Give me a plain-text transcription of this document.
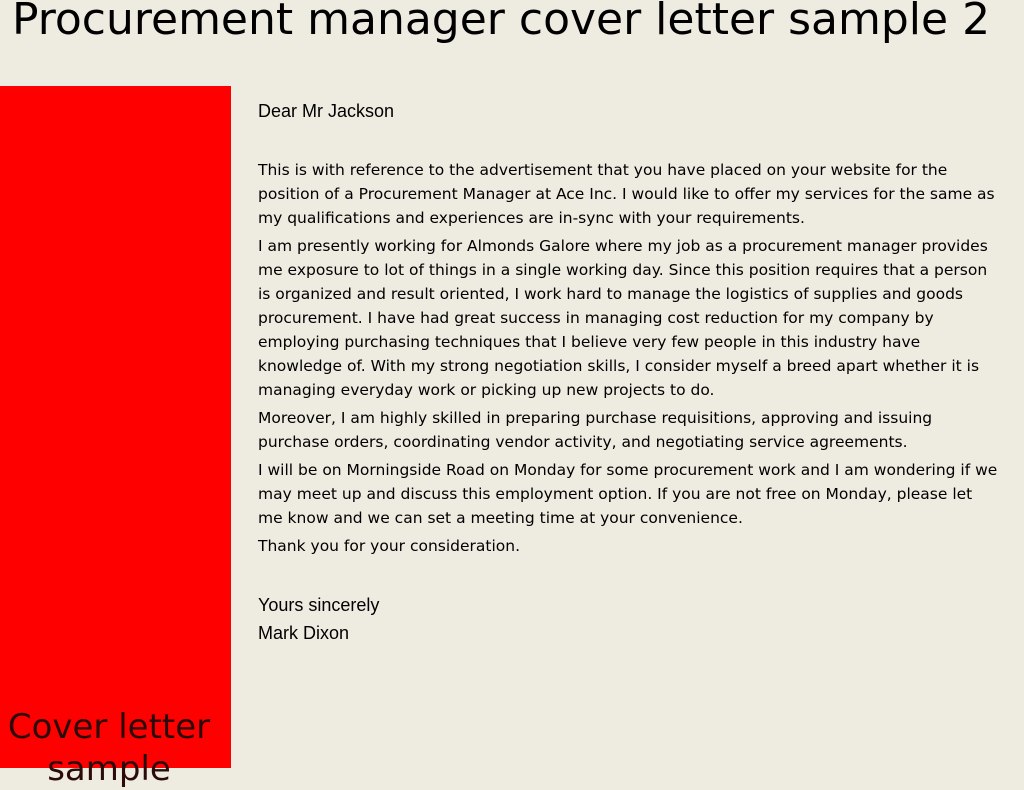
Procurement manager cover letter sample 2
Cover letter
sample
Dear Mr Jackson

This is with reference to the advertisement that you have placed on your website for the position of a Procurement Manager at Ace Inc. I would like to offer my services for the same as my qualifications and experiences are in-sync with your requirements.

I am presently working for Almonds Galore where my job as a procurement manager provides me exposure to lot of things in a single working day. Since this position requires that a person is organized and result oriented, I work hard to manage the logistics of supplies and goods procurement. I have had great success in managing cost reduction for my company by employing purchasing techniques that I believe very few people in this industry have knowledge of. With my strong negotiation skills, I consider myself a breed apart whether it is managing everyday work or picking up new projects to do.

Moreover, I am highly skilled in preparing purchase requisitions, approving and issuing purchase orders, coordinating vendor activity, and negotiating service agreements.

I will be on Morningside Road on Monday for some procurement work and I am wondering if we may meet up and discuss this employment option. If you are not free on Monday, please let me know and we can set a meeting time at your convenience.

Thank you for your consideration.

Yours sincerely
Mark Dixon
